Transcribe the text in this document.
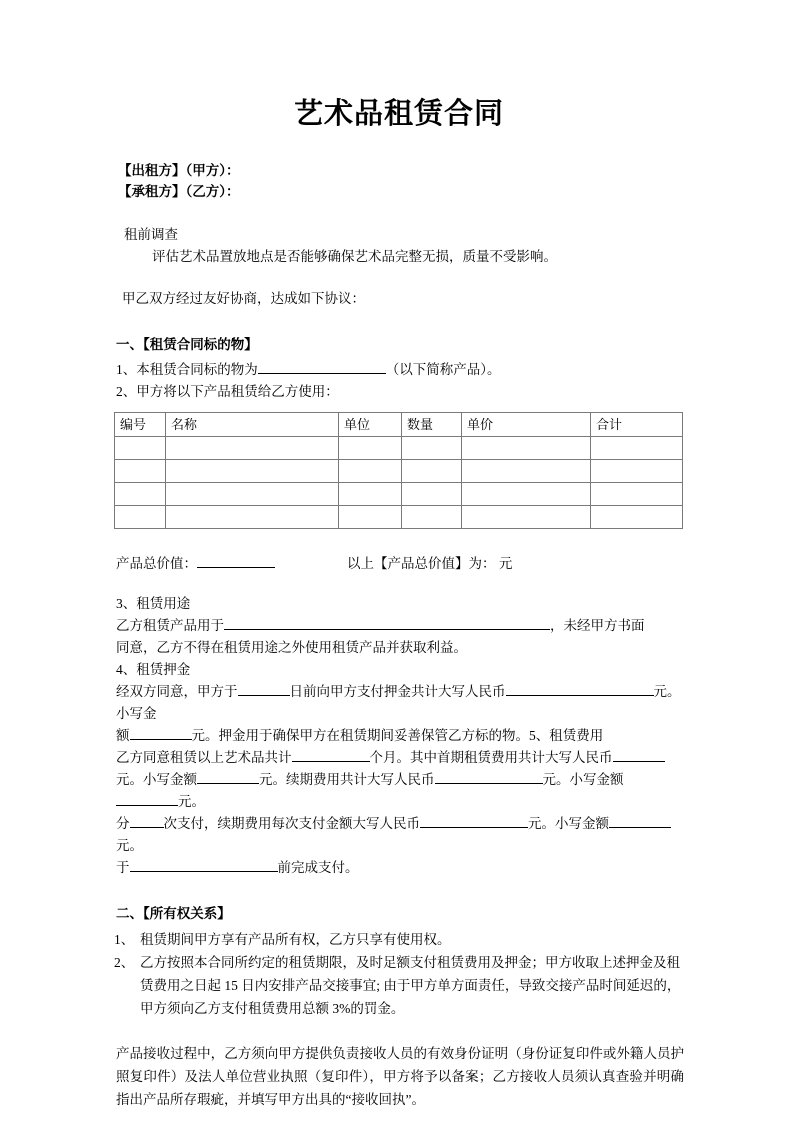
艺术品租赁合同

【出租方】（甲方）：

【承租方】（乙方）：

租前调查

评估艺术品置放地点是否能够确保艺术品完整无损，质量不受影响。

甲乙双方经过友好协商，达成如下协议：

一、【租赁合同标的物】

1、本租赁合同标的物为	（以下简称产品）。

2、甲方将以下产品租赁给乙方使用：

编号	名称	单位	数量	单价	合计

产品总价值：	以上【产品总价值】为： 元

3、租赁用途

乙方租赁产品用于	，未经甲方书面

同意，乙方不得在租赁用途之外使用租赁产品并获取利益。

4、租赁押金

经双方同意，甲方于	日前向甲方支付押金共计大写人民币	元。小写金

额	元。押金用于确保甲方在租赁期间妥善保管乙方标的物。5、租赁费用

乙方同意租赁以上艺术品共计	个月。其中首期租赁费用共计大写人民币

元。小写金额	元。续期费用共计大写人民币	元。小写金额元。

分	次支付，续期费用每次支付金额大写人民币	元。小写金额元。

于	前完成支付。

二、【所有权关系】

1、 租赁期间甲方享有产品所有权，乙方只享有使用权。

2、 乙方按照本合同所约定的租赁期限，及时足额支付租赁费用及押金；甲方收取上述押金及租赁费用之日起 15 日内安排产品交接事宜; 由于甲方单方面责任，导致交接产品时间延迟的，甲方须向乙方支付租赁费用总额 3%的罚金。

产品接收过程中，乙方须向甲方提供负责接收人员的有效身份证明（身份证复印件或外籍人员护照复印件）及法人单位营业执照（复印件），甲方将予以备案；乙方接收人员须认真查验并明确指出产品所存瑕疵，并填写甲方出具的“接收回执”。
